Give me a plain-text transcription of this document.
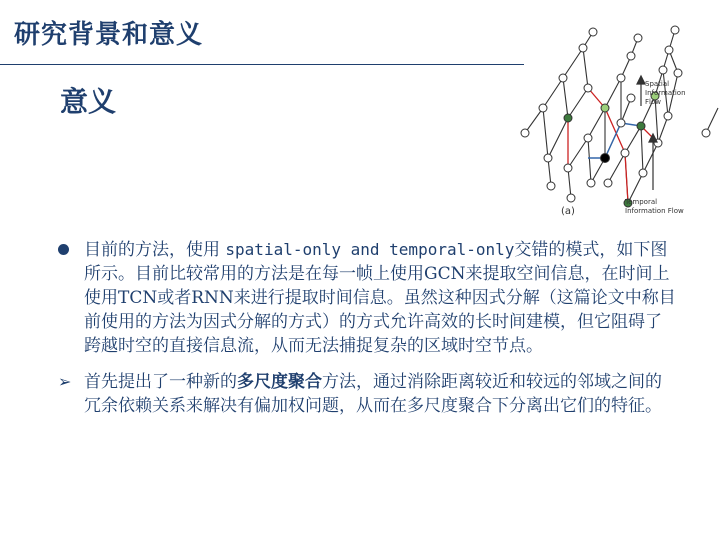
研究背景和意义
意义
Spatial
Information
Flow
Temporal
Information Flow
(a)
目前的方法，使用 spatial-only and temporal-only交错的模式，如下图所示。目前比较常用的方法是在每一帧上使用GCN来提取空间信息，在时间上使用TCN或者RNN来进行提取时间信息。虽然这种因式分解（这篇论文中称目前使用的方法为因式分解的方式）的方式允许高效的长时间建模，但它阻碍了跨越时空的直接信息流，从而无法捕捉复杂的区域时空节点。
➢ 首先提出了一种新的多尺度聚合方法，通过消除距离较近和较远的邻域之间的冗余依赖关系来解决有偏加权问题，从而在多尺度聚合下分离出它们的特征。
